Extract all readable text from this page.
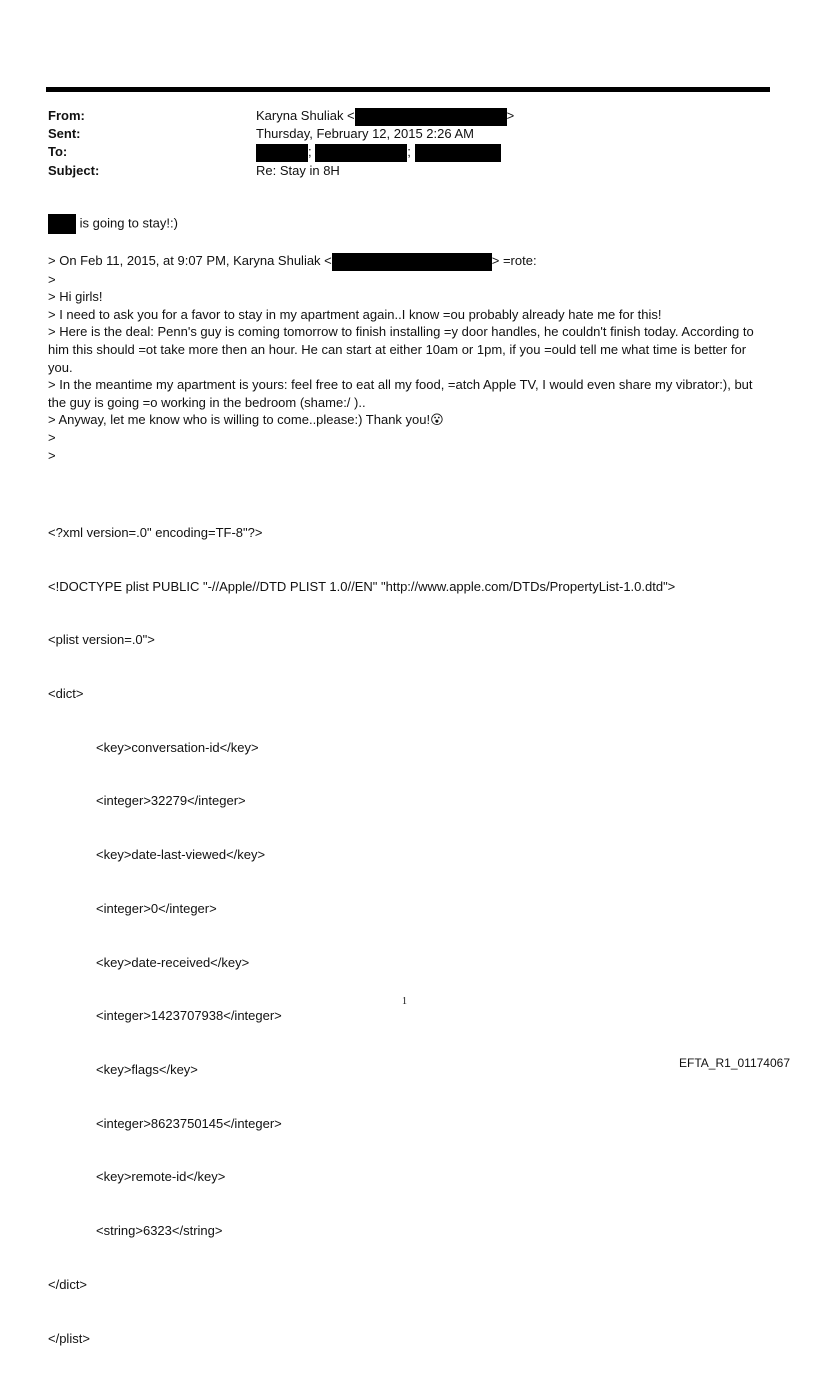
From:	Karyna Shuliak <	>
Sent:	Thursday, February 12, 2015 2:26 AM
To:	;	;
Subject:	Re: Stay in 8H
is going to stay!:)

> On Feb 11, 2015, at 9:07 PM, Karyna Shuliak <	> =rote:

>

> Hi girls!

> I need to ask you for a favor to stay in my apartment again..I know =ou probably already hate me for this!

> Here is the deal: Penn's guy is coming tomorrow to finish installing =y door handles, he couldn't finish today. According to him this should =ot take more then an hour. He can start at either 10am or 1pm, if you =ould tell me what time is better for you.

> In the meantime my apartment is yours: feel free to eat all my food, =atch Apple TV, I would even share my vibrator:), but the guy is going =o working in the bedroom (shame:/ )..

> Anyway, let me know who is willing to come..please:) Thank you!😮

>

>

<?xml version=.0" encoding=TF-8"?>

<!DOCTYPE plist PUBLIC "-//Apple//DTD PLIST 1.0//EN" "http://www.apple.com/DTDs/PropertyList-1.0.dtd">

<plist version=.0">

<dict>

<key>conversation-id</key>

<integer>32279</integer>

<key>date-last-viewed</key>

<integer>0</integer>

<key>date-received</key>

<integer>1423707938</integer>

<key>flags</key>

<integer>8623750145</integer>

<key>remote-id</key>

<string>6323</string>

</dict>

</plist>

1
EFTA_R1_01174067
